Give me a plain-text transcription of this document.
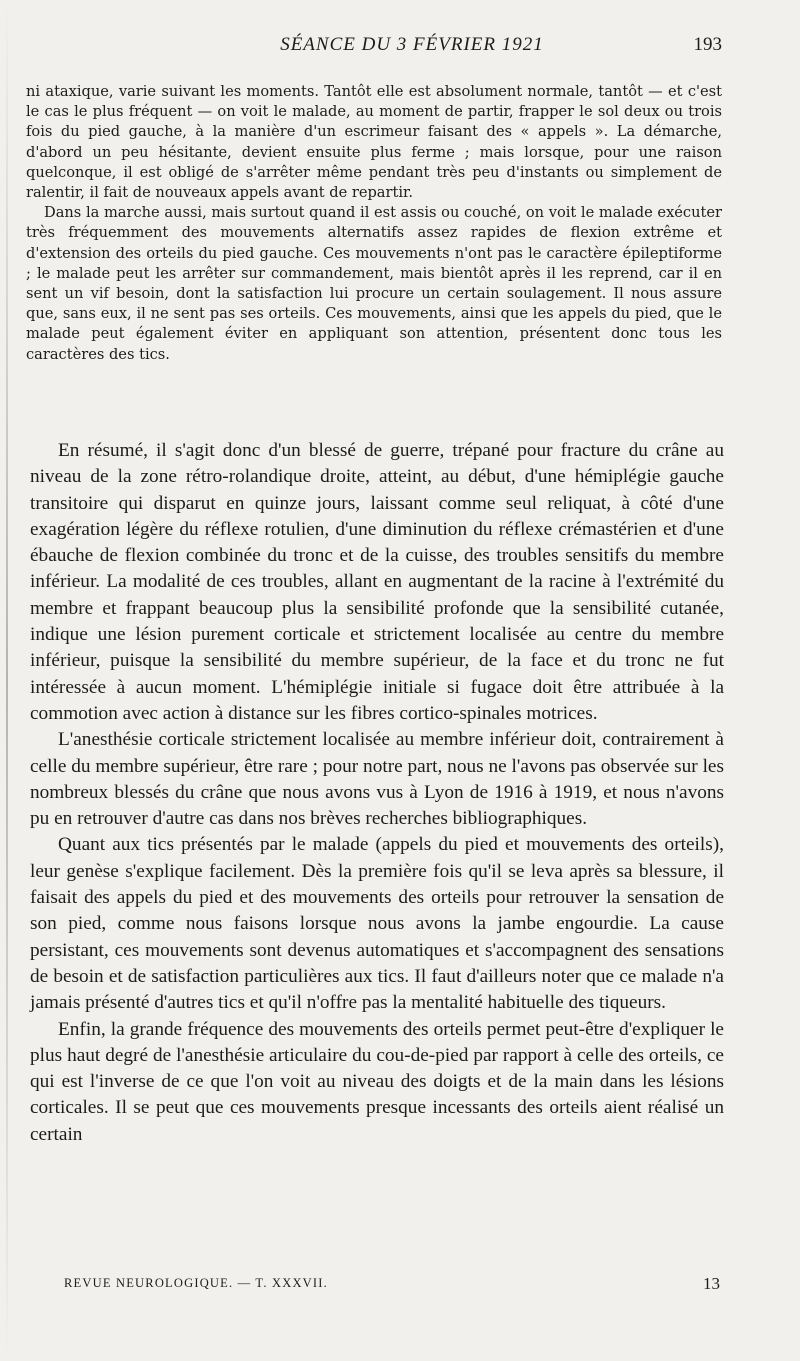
SÉANCE DU 3 FÉVRIER 1921	193

ni ataxique, varie suivant les moments. Tantôt elle est absolument normale, tantôt — et c'est le cas le plus fréquent — on voit le malade, au moment de partir, frapper le sol deux ou trois fois du pied gauche, à la manière d'un escrimeur faisant des « appels ». La démarche, d'abord un peu hésitante, devient ensuite plus ferme ; mais lorsque, pour une raison quelconque, il est obligé de s'arrêter même pendant très peu d'instants ou simplement de ralentir, il fait de nouveaux appels avant de repartir.

Dans la marche aussi, mais surtout quand il est assis ou couché, on voit le malade exécuter très fréquemment des mouvements alternatifs assez rapides de flexion extrême et d'extension des orteils du pied gauche. Ces mouvements n'ont pas le caractère épileptiforme ; le malade peut les arrêter sur commandement, mais bientôt après il les reprend, car il en sent un vif besoin, dont la satisfaction lui procure un certain soulagement. Il nous assure que, sans eux, il ne sent pas ses orteils. Ces mouvements, ainsi que les appels du pied, que le malade peut également éviter en appliquant son attention, présentent donc tous les caractères des tics.

En résumé, il s'agit donc d'un blessé de guerre, trépané pour fracture du crâne au niveau de la zone rétro-rolandique droite, atteint, au début, d'une hémiplégie gauche transitoire qui disparut en quinze jours, laissant comme seul reliquat, à côté d'une exagération légère du réflexe rotulien, d'une diminution du réflexe crémastérien et d'une ébauche de flexion combinée du tronc et de la cuisse, des troubles sensitifs du membre inférieur. La modalité de ces troubles, allant en augmentant de la racine à l'extrémité du membre et frappant beaucoup plus la sensibilité profonde que la sensibilité cutanée, indique une lésion purement corticale et strictement localisée au centre du membre inférieur, puisque la sensibilité du membre supérieur, de la face et du tronc ne fut intéressée à aucun moment. L'hémiplégie initiale si fugace doit être attribuée à la commotion avec action à distance sur les fibres cortico-spinales motrices.

L'anesthésie corticale strictement localisée au membre inférieur doit, contrairement à celle du membre supérieur, être rare ; pour notre part, nous ne l'avons pas observée sur les nombreux blessés du crâne que nous avons vus à Lyon de 1916 à 1919, et nous n'avons pu en retrouver d'autre cas dans nos brèves recherches bibliographiques.

Quant aux tics présentés par le malade (appels du pied et mouvements des orteils), leur genèse s'explique facilement. Dès la première fois qu'il se leva après sa blessure, il faisait des appels du pied et des mouvements des orteils pour retrouver la sensation de son pied, comme nous faisons lorsque nous avons la jambe engourdie. La cause persistant, ces mouvements sont devenus automatiques et s'accompagnent des sensations de besoin et de satisfaction particulières aux tics. Il faut d'ailleurs noter que ce malade n'a jamais présenté d'autres tics et qu'il n'offre pas la mentalité habituelle des tiqueurs.

Enfin, la grande fréquence des mouvements des orteils permet peut-être d'expliquer le plus haut degré de l'anesthésie articulaire du cou-de-pied par rapport à celle des orteils, ce qui est l'inverse de ce que l'on voit au niveau des doigts et de la main dans les lésions corticales. Il se peut que ces mouvements presque incessants des orteils aient réalisé un certain

REVUE NEUROLOGIQUE. — T. XXXVII.	13
